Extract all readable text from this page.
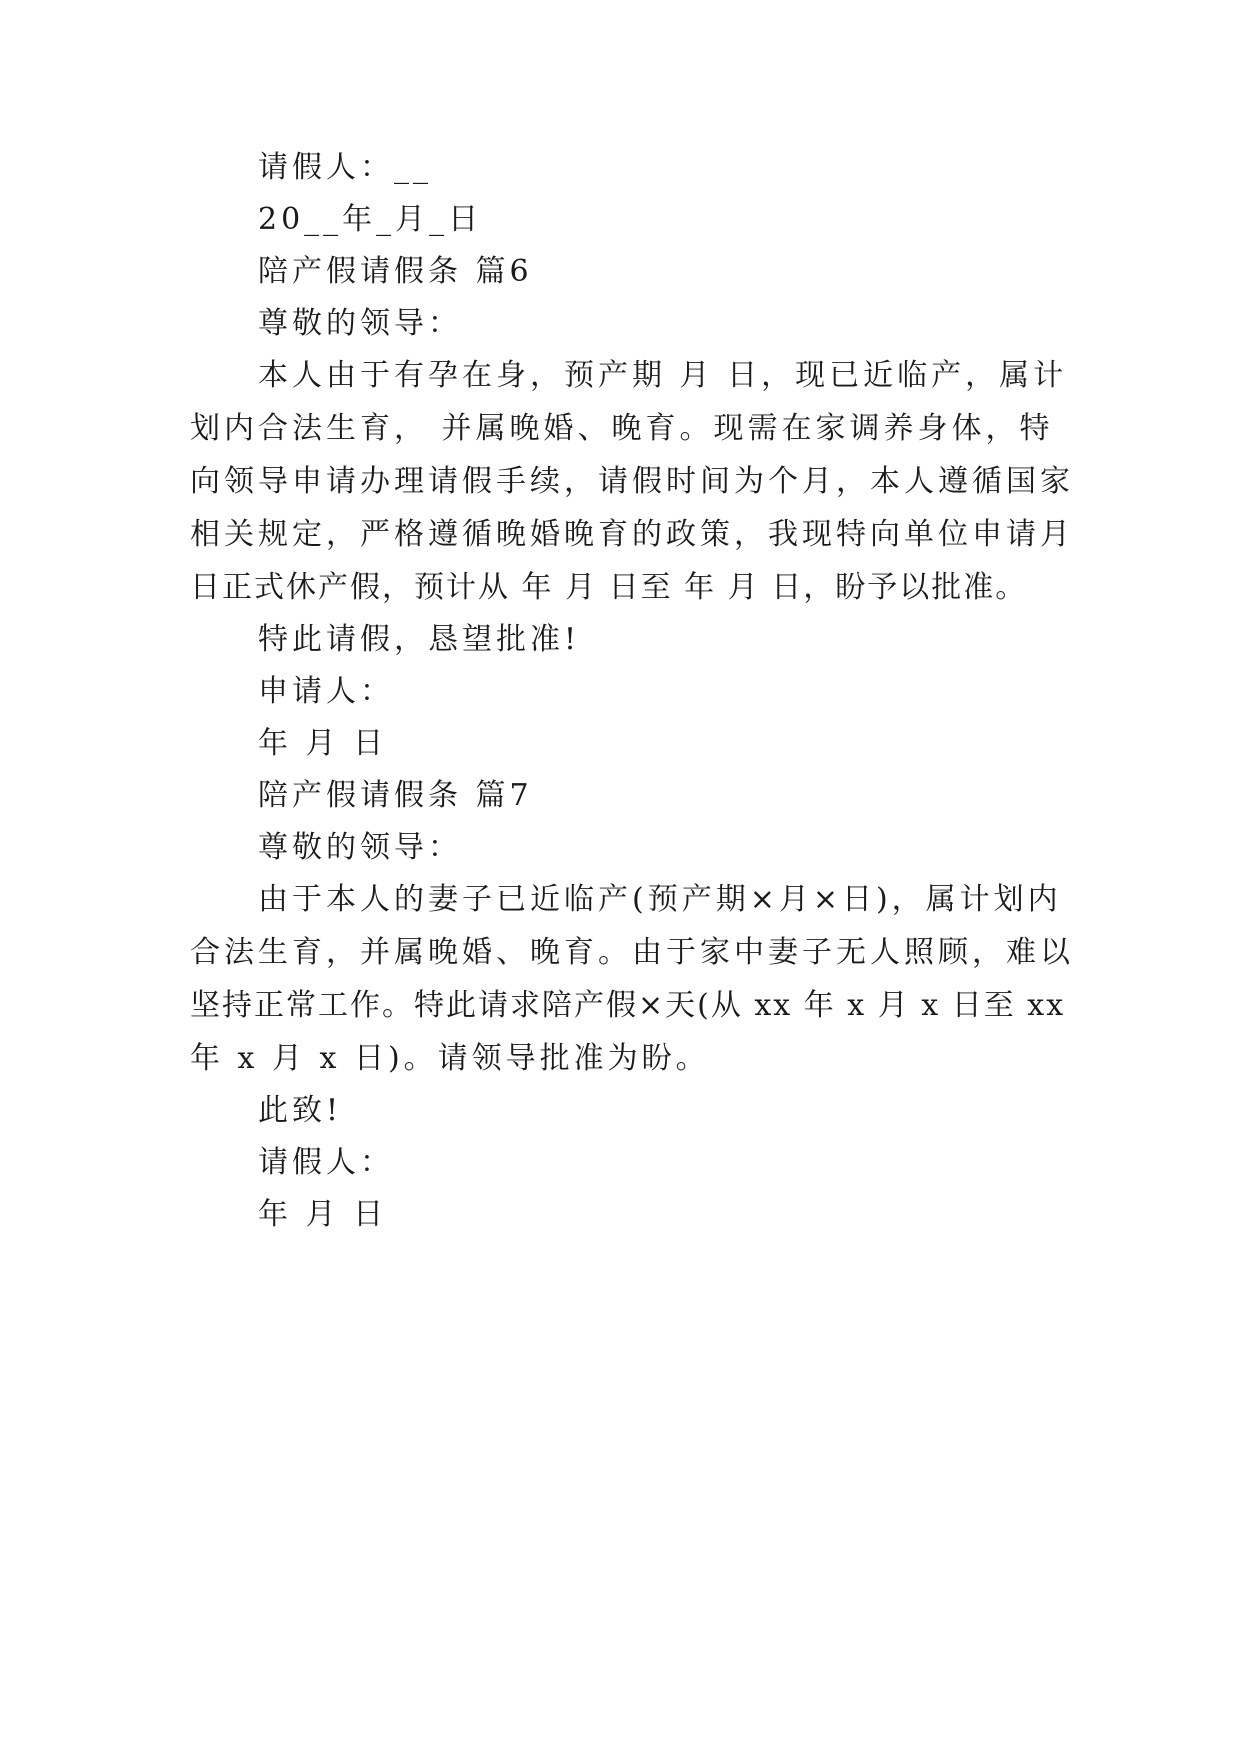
请假人：__
20__年_月_日
陪产假请假条 篇6
尊敬的领导：
本人由于有孕在身，预产期 月 日，现已近临产，属计
划内合法生育， 并属晚婚、晚育。现需在家调养身体，特
向领导申请办理请假手续，请假时间为个月，本人遵循国家
相关规定，严格遵循晚婚晚育的政策，我现特向单位申请月
日正式休产假，预计从 年 月 日至 年 月 日，盼予以批准。
特此请假，恳望批准!
申请人：
年 月 日
陪产假请假条 篇7
尊敬的领导：
由于本人的妻子已近临产(预产期×月×日)，属计划内
合法生育，并属晚婚、晚育。由于家中妻子无人照顾，难以
坚持正常工作。特此请求陪产假×天(从 xx 年 x 月 x 日至 xx
年 x 月 x 日)。请领导批准为盼。
此致!
请假人：
年 月 日
